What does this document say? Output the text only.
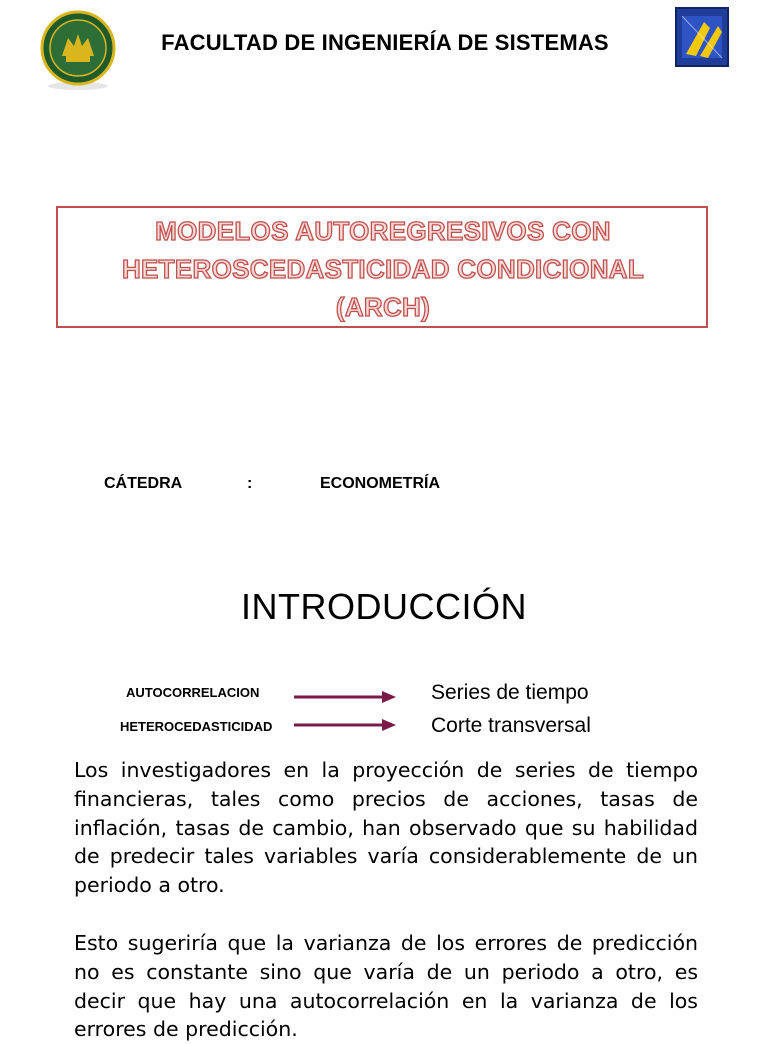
· · · · ·
FACULTAD DE INGENIERÍA DE SISTEMAS
MODELOS AUTOREGRESIVOS CON
HETEROSCEDASTICIDAD CONDICIONAL
(ARCH)
CÁTEDRA	:	ECONOMETRÍA
INTRODUCCIÓN
AUTOCORRELACION	Series de tiempo
HETEROCEDASTICIDAD	Corte transversal
Los investigadores en la proyección de series de tiempo financieras, tales como precios de acciones, tasas de inflación, tasas de cambio, han observado que su habilidad de predecir tales variables varía considerablemente de un periodo a otro.
Esto sugeriría que la varianza de los errores de predicción no es constante sino que varía de un periodo a otro, es decir que hay una autocorrelación en la varianza de los errores de predicción.
